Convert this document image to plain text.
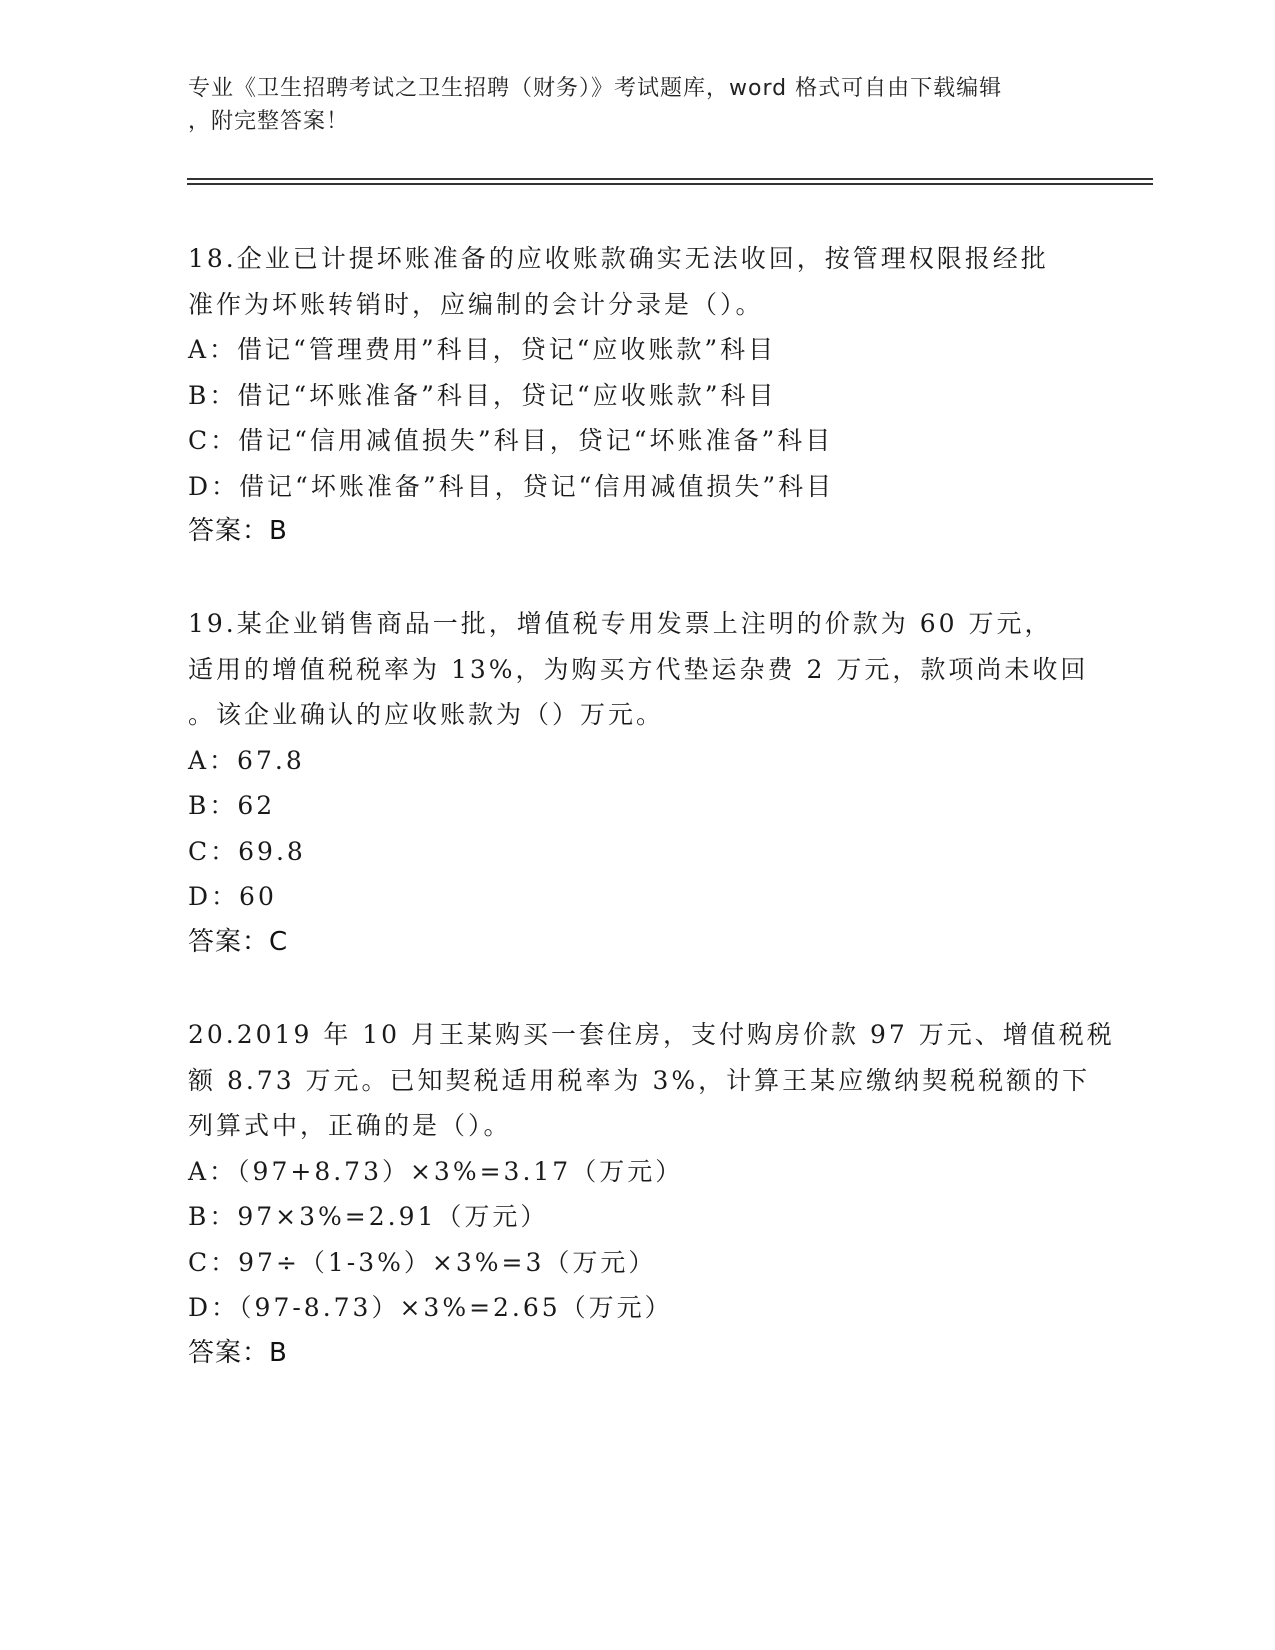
专业《卫生招聘考试之卫生招聘（财务）》考试题库，word 格式可自由下载编辑
，附完整答案！
18.企业已计提坏账准备的应收账款确实无法收回，按管理权限报经批
准作为坏账转销时，应编制的会计分录是（）。
A：借记“管理费用”科目，贷记“应收账款”科目
B：借记“坏账准备”科目，贷记“应收账款”科目
C：借记“信用减值损失”科目，贷记“坏账准备”科目
D：借记“坏账准备”科目，贷记“信用减值损失”科目
答案：B
19.某企业销售商品一批，增值税专用发票上注明的价款为 60 万元，
适用的增值税税率为 13%，为购买方代垫运杂费 2 万元，款项尚未收回
。该企业确认的应收账款为（）万元。
A：67.8
B：62
C：69.8
D：60
答案：C
20.2019 年 10 月王某购买一套住房，支付购房价款 97 万元、增值税税
额 8.73 万元。已知契税适用税率为 3%，计算王某应缴纳契税税额的下
列算式中，正确的是（）。
A：（97+8.73）×3%=3.17（万元）
B：97×3%=2.91（万元）
C：97÷（1-3%）×3%=3（万元）
D：（97-8.73）×3%=2.65（万元）
答案：B
